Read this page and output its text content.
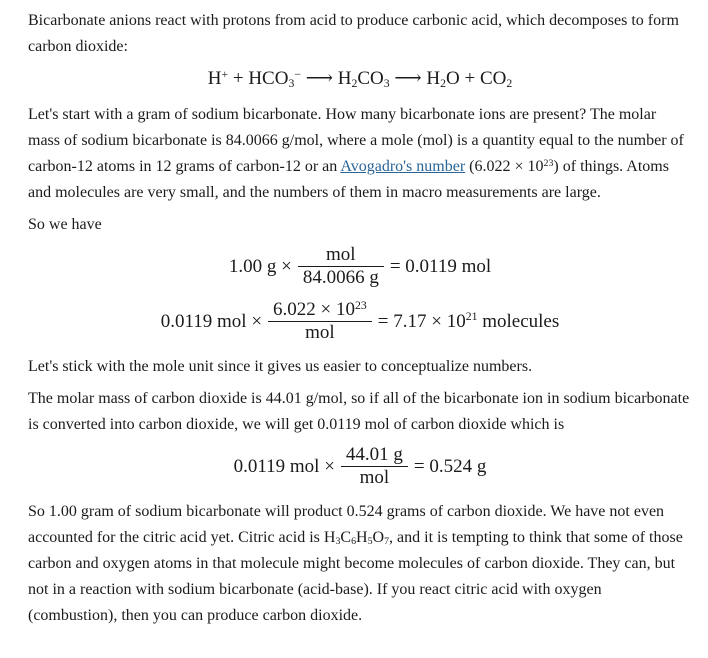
Bicarbonate anions react with protons from acid to produce carbonic acid, which decomposes to form carbon dioxide:

$H^+ + HCO_3^-$ ⟶ $H_2CO_3$ ⟶ $H_2O + CO_2$

Let's start with a gram of sodium bicarbonate. How many bicarbonate ions are present? The molar mass of sodium bicarbonate is 84.0066 g/mol, where a mole (mol) is a quantity equal to the number of carbon-12 atoms in 12 grams of carbon-12 or an Avogadro's number $(6.022 \times 10^{23})$ of things. Atoms and molecules are very small, and the numbers of them in macro measurements are large.

So we have

1.00 $g \times \frac{\text{mol}}{84.0066 g} = 0.0119$ mol
0.0119 mol × $\frac{6.022 \times 10^{23}}{\text{mol}} = 7.17 \times 10^{21}$ molecules

Let's stick with the mole unit since it gives us easier to conceptualize numbers.

The molar mass of carbon dioxide is 44.01 g/mol, so if all of the bicarbonate ion in sodium bicarbonate is converted into carbon dioxide, we will get 0.0119 mol of carbon dioxide which is

0.0119 mol × $\frac{44.01 g}{\text{mol}} = 0.524$ g

So 1.00 gram of sodium bicarbonate will product 0.524 grams of carbon dioxide. We have not even accounted for the citric acid yet. Citric acid is $H_3C_6H_5O_7$, and it is tempting to think that some of those carbon and oxygen atoms in that molecule might become molecules of carbon dioxide. They can, but not in a reaction with sodium bicarbonate (acid-base). If you react citric acid with oxygen (combustion), then you can produce carbon dioxide.
